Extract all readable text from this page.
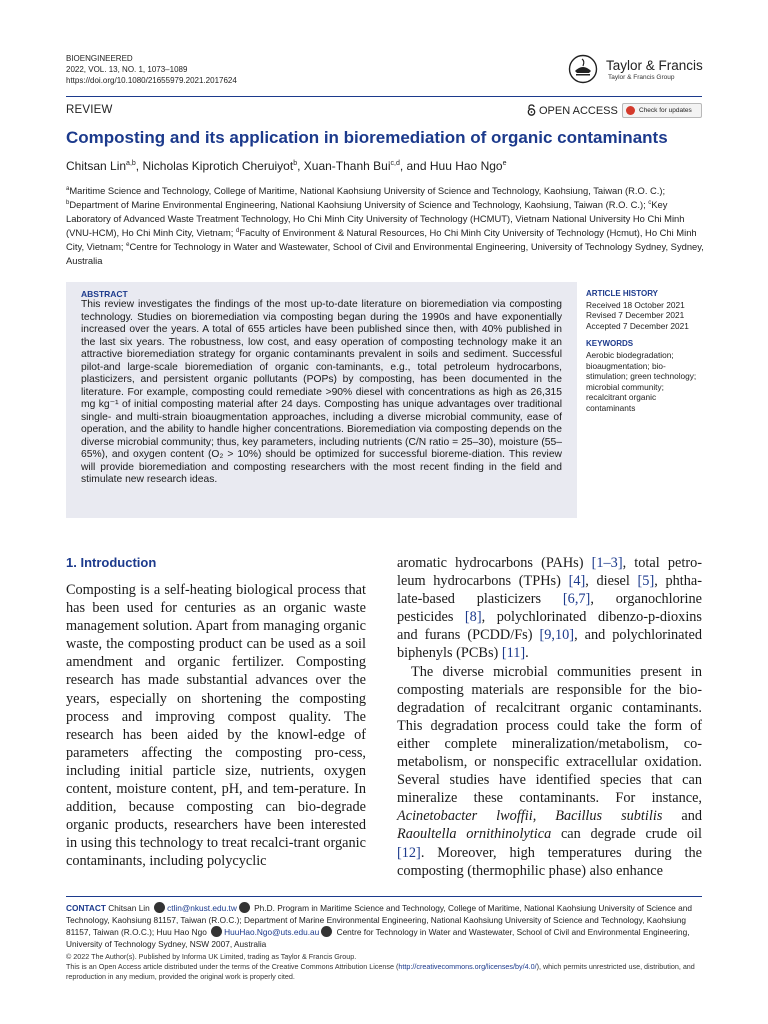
BIOENGINEERED
2022, VOL. 13, NO. 1, 1073–1089
https://doi.org/10.1080/21655979.2021.2017624
Taylor & Francis
Taylor & Francis Group
REVIEW	OPEN ACCESS	Check for updates
Composting and its application in bioremediation of organic contaminants
Chitsan Lin$^{a,b}$, Nicholas Kiprotich Cheruiyot$^b$, Xuan-Thanh Bui$^{c,d}$, and Huu Hao Ngo$^e$
$^a$Maritime Science and Technology, College of Maritime, National Kaohsiung University of Science and Technology, Kaohsiung, Taiwan (R.O. C.); $^b$Department of Marine Environmental Engineering, National Kaohsiung University of Science and Technology, Kaohsiung, Taiwan (R.O. C.); $^c$Key Laboratory of Advanced Waste Treatment Technology, Ho Chi Minh City University of Technology (HCMUT), Vietnam National University Ho Chi Minh (VNU-HCM), Ho Chi Minh City, Vietnam; $^d$Faculty of Environment & Natural Resources, Ho Chi Minh City University of Technology (Hcmut), Ho Chi Minh City, Vietnam; $^e$Centre for Technology in Water and Wastewater, School of Civil and Environmental Engineering, University of Technology Sydney, Sydney, Australia
ABSTRACT
This review investigates the findings of the most up-to-date literature on bioremediation via composting technology. Studies on bioremediation via composting began during the 1990s and have exponentially increased over the years. A total of 655 articles have been published since then, with 40% published in the last six years. The robustness, low cost, and easy operation of composting technology make it an attractive bioremediation strategy for organic contaminants prevalent in soils and sediment. Successful pilot-and large-scale bioremediation of organic con-taminants, e.g., total petroleum hydrocarbons, plasticizers, and persistent organic pollutants (POPs) by composting, has been documented in the literature. For example, composting could remediate >90% diesel with concentrations as high as 26,315 mg kg⁻¹ of initial composting material after 24 days. Composting has unique advantages over traditional single- and multi-strain bioaugmentation approaches, including a diverse microbial community, ease of operation, and the ability to handle higher concentrations. Bioremediation via composting depends on the diverse microbial community; thus, key parameters, including nutrients (C/N ratio = 25–30), moisture (55–65%), and oxygen content (O₂ > 10%) should be optimized for successful bioreme-diation. This review will provide bioremediation and composting researchers with the most recent finding in the field and stimulate new research ideas.
ARTICLE HISTORY
Received 18 October 2021
Revised 7 December 2021
Accepted 7 December 2021
KEYWORDS
Aerobic biodegradation; bioaugmentation; bio-stimulation; green technology; microbial community; recalcitrant organic contaminants
1. Introduction
Composting is a self-heating biological process that has been used for centuries as an organic waste management solution. Apart from managing organic waste, the composting product can be used as a soil amendment and organic fertilizer. Composting research has made substantial advances over the years, especially on shortening the composting process and improving compost quality. The research has been aided by the knowl-edge of parameters affecting the composting pro-cess, including initial particle size, nutrients, oxygen content, moisture content, pH, and tem-perature. In addition, because composting can bio-degrade organic products, researchers have been interested in using this technology to treat recalci-trant organic contaminants, including polycyclic
aromatic hydrocarbons (PAHs) [1–3], total petro-leum hydrocarbons (TPHs) [4], diesel [5], phtha-late-based plasticizers [6,7], organochlorine pesticides [8], polychlorinated dibenzo-p-dioxins and furans (PCDD/Fs) [9,10], and polychlorinated biphenyls (PCBs) [11].
The diverse microbial communities present in composting materials are responsible for the bio-degradation of recalcitrant organic contaminants. This degradation process could take the form of either complete mineralization/metabolism, co-metabolism, or nonspecific extracellular oxidation. Several studies have identified species that can mineralize these contaminants. For instance, Acinetobacter lwoffii, Bacillus subtilis and Raoultella ornithinolytica can degrade crude oil [12]. Moreover, high temperatures during the composting (thermophilic phase) also enhance
CONTACT Chitsan Lin ctlin@nkust.edu.tw Ph.D. Program in Maritime Science and Technology, College of Maritime, National Kaohsiung University of Science and Technology, Kaohsiung 81157, Taiwan (R.O.C.); Department of Marine Environmental Engineering, National Kaohsiung University of Science and Technology, Kaohsiung 81157, Taiwan (R.O.C.); Huu Hao Ngo HuuHao.Ngo@uts.edu.au Centre for Technology in Water and Wastewater, School of Civil and Environmental Engineering, University of Technology Sydney, NSW 2007, Australia
© 2022 The Author(s). Published by Informa UK Limited, trading as Taylor & Francis Group.
This is an Open Access article distributed under the terms of the Creative Commons Attribution License (http://creativecommons.org/licenses/by/4.0/), which permits unrestricted use, distribution, and reproduction in any medium, provided the original work is properly cited.
